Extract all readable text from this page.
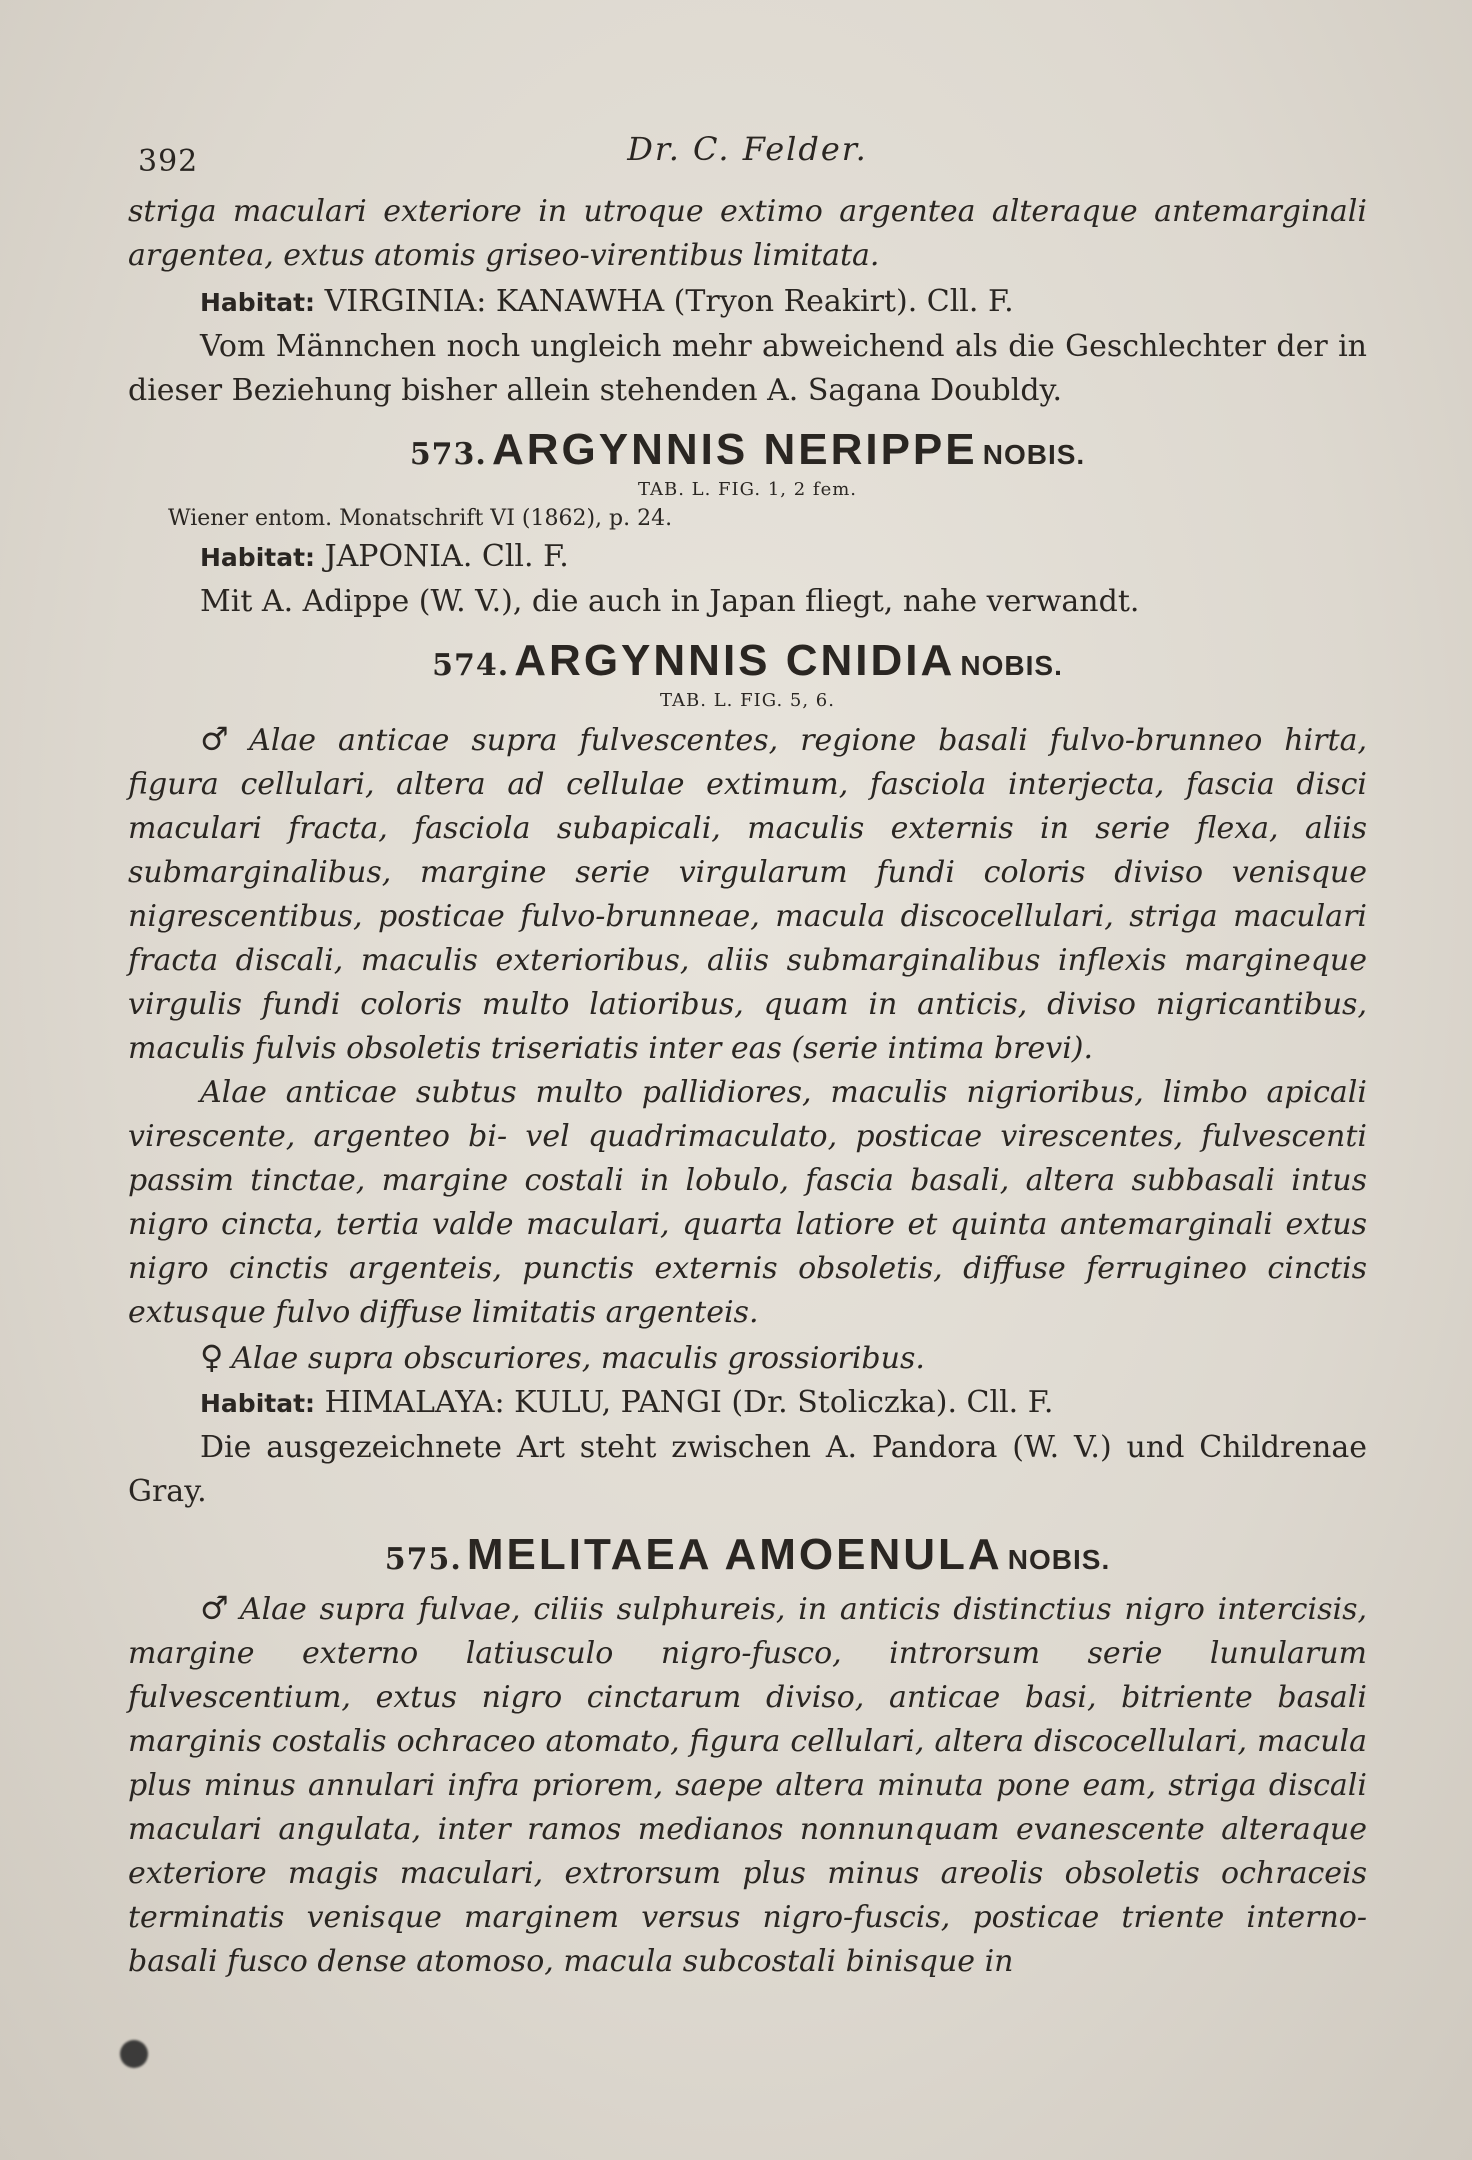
392	Dr. C. Felder.

striga maculari exteriore in utroque extimo argentea alteraque antemarginali argentea, extus atomis griseo-virentibus limitata.

Habitat: VIRGINIA: KANAWHA (Tryon Reakirt). Cll. F.

Vom Männchen noch ungleich mehr abweichend als die Geschlechter der in dieser Beziehung bisher allein stehenden A. Sagana Doubldy.

573. ARGYNNIS NERIPPE NOBIS.
TAB. L. FIG. 1, 2 fem.
Wiener entom. Monatschrift VI (1862), p. 24.

Habitat: JAPONIA. Cll. F.

Mit A. Adippe (W. V.), die auch in Japan fliegt, nahe verwandt.

574. ARGYNNIS CNIDIA NOBIS.
TAB. L. FIG. 5, 6.

♂ Alae anticae supra fulvescentes, regione basali fulvo-brunneo hirta, figura cellulari, altera ad cellulae extimum, fasciola interjecta, fascia disci maculari fracta, fasciola subapicali, maculis externis in serie flexa, aliis submarginalibus, margine serie virgularum fundi coloris diviso venisque nigrescentibus, posticae fulvo-brunneae, macula discocellulari, striga maculari fracta discali, maculis exterioribus, aliis submarginalibus inflexis margineque virgulis fundi coloris multo latioribus, quam in anticis, diviso nigricantibus, maculis fulvis obsoletis triseriatis inter eas (serie intima brevi).

Alae anticae subtus multo pallidiores, maculis nigrioribus, limbo apicali virescente, argenteo bi- vel quadrimaculato, posticae virescentes, fulvescenti passim tinctae, margine costali in lobulo, fascia basali, altera subbasali intus nigro cincta, tertia valde maculari, quarta latiore et quinta antemarginali extus nigro cinctis argenteis, punctis externis obsoletis, diffuse ferrugineo cinctis extusque fulvo diffuse limitatis argenteis.

♀ Alae supra obscuriores, maculis grossioribus.

Habitat: HIMALAYA: KULU, PANGI (Dr. Stoliczka). Cll. F.

Die ausgezeichnete Art steht zwischen A. Pandora (W. V.) und Childrenae Gray.

575. MELITAEA AMOENULA NOBIS.

♂ Alae supra fulvae, ciliis sulphureis, in anticis distinctius nigro intercisis, margine externo latiusculo nigro-fusco, introrsum serie lunularum fulvescentium, extus nigro cinctarum diviso, anticae basi, bitriente basali marginis costalis ochraceo atomato, figura cellulari, altera discocellulari, macula plus minus annulari infra priorem, saepe altera minuta pone eam, striga discali maculari angulata, inter ramos medianos nonnunquam evanescente alteraque exteriore magis maculari, extrorsum plus minus areolis obsoletis ochraceis terminatis venisque marginem versus nigro-fuscis, posticae triente interno-basali fusco dense atomoso, macula subcostali binisque in
